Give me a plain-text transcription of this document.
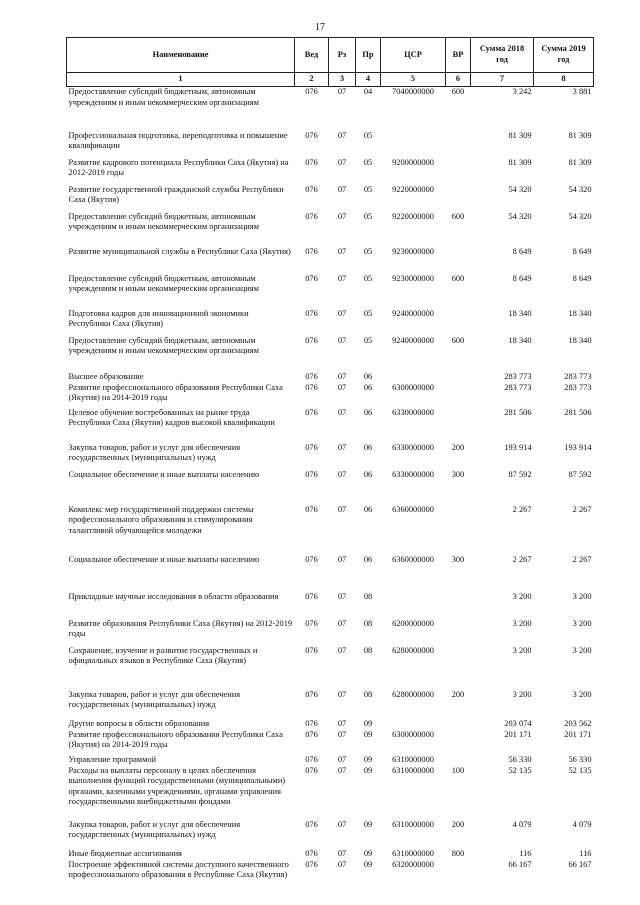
17
Наименование	Вед	Рз	Пр	ЦСР	ВР	Сумма 2018 год	Сумма 2019 год
1	2	3	4	5	6	7	8
Предоставление субсидий бюджетным, автономным учреждениям и иным некоммерческим организациям	076	07	04	7040000000	600	3 242	3 881
Профессиональная подготовка, переподготовка и повышение квалификации	076	07	05			81 309	81 309
Развитие кадрового потенциала Республики Саха (Якутия) на 2012-2019 годы	076	07	05	9200000000		81 309	81 309
Развитие государственной гражданской службы Республики Саха (Якутия)	076	07	05	9220000000		54 320	54 320
Предоставление субсидий бюджетным, автономным учреждениям и иным некоммерческим организациям	076	07	05	9220000000	600	54 320	54 320
Развитие муниципальной службы в Республике Саха (Якутия)	076	07	05	9230000000		8 649	8 649
Предоставление субсидий бюджетным, автономным учреждениям и иным некоммерческим организациям	076	07	05	9230000000	600	8 649	8 649
Подготовка кадров для инновационной экономики Республики Саха (Якутия)	076	07	05	9240000000		18 340	18 340
Предоставление субсидий бюджетным, автономным учреждениям и иным некоммерческим организациям	076	07	05	9240000000	600	18 340	18 340
Высшее образование	076	07	06			283 773	283 773
Развитие профессионального образования Республики Саха (Якутия) на 2014-2019 годы	076	07	06	6300000000		283 773	283 773
Целевое обучение востребованных на рынке труда Республики Саха (Якутия) кадров высокой квалификации	076	07	06	6330000000		281 506	281 506
Закупка товаров, работ и услуг для обеспечения государственных (муниципальных) нужд	076	07	06	6330000000	200	193 914	193 914
Социальное обеспечение и иные выплаты населению	076	07	06	6330000000	300	87 592	87 592
Комплекс мер государственной поддержки системы профессионального образования и стимулирования талантливой обучающейся молодежи	076	07	06	6360000000		2 267	2 267
Социальное обеспечение и иные выплаты населению	076	07	06	6360000000	300	2 267	2 267
Прикладные научные исследования в области образования	076	07	08			3 200	3 200
Развитие образования Республики Саха (Якутия) на 2012-2019 годы	076	07	08	6200000000		3 200	3 200
Сохранение, изучение и развитие государственных и официальных языков в Республике Саха (Якутия)	076	07	08	6280000000		3 200	3 200
Закупка товаров, работ и услуг для обеспечения государственных (муниципальных) нужд	076	07	08	6280000000	200	3 200	3 200
Другие вопросы в области образования	076	07	09			203 074	203 562
Развитие профессионального образования Республики Саха (Якутия) на 2014-2019 годы	076	07	09	6300000000		201 171	201 171
Управление программой	076	07	09	6310000000		56 330	56 330
Расходы на выплаты персоналу в целях обеспечения выполнения функций государственными (муниципальными) органами, казенными учреждениями, органами управления государственными внебюджетными фондами	076	07	09	6310000000	100	52 135	52 135
Закупка товаров, работ и услуг для обеспечения государственных (муниципальных) нужд	076	07	09	6310000000	200	4 079	4 079
Иные бюджетные ассигнования	076	07	09	6310000000	800	116	116
Построение эффективной системы доступного качественного профессионального образования в Республике Саха (Якутия)	076	07	09	6320000000		66 167	66 167
